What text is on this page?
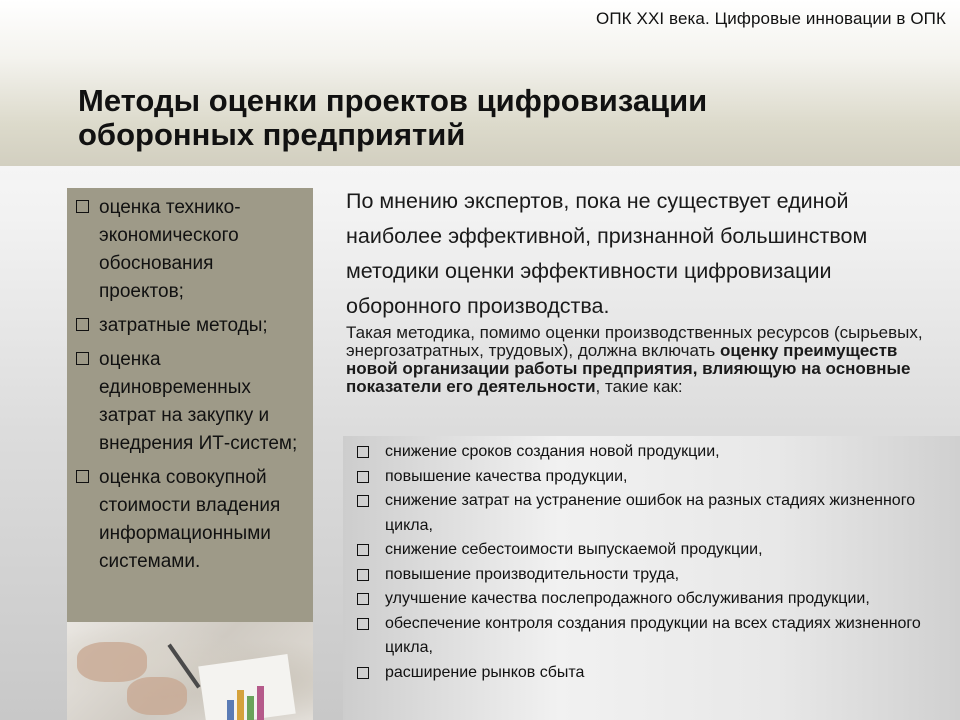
ОПК XXI века. Цифровые инновации в ОПК
Методы оценки проектов цифровизации
оборонных предприятий
оценка технико-экономического обоснования проектов;
затратные методы;
оценка единовременных затрат на закупку и внедрения ИТ-систем;
оценка совокупной стоимости владения информационными системами.

По мнению экспертов, пока не существует единой наиболее эффективной, признанной большинством методики оценки эффективности цифровизации оборонного производства.

Такая методика, помимо оценки производственных ресурсов (сырьевых, энергозатратных, трудовых), должна включать оценку преимуществ новой организации работы предприятия, влияющую на основные показатели его деятельности, такие как:

снижение сроков создания новой продукции,
повышение качества продукции,
снижение затрат на устранение ошибок на разных стадиях жизненного цикла,
снижение себестоимости выпускаемой продукции,
повышение производительности труда,
улучшение качества послепродажного обслуживания продукции,
обеспечение контроля создания продукции на всех стадиях жизненного цикла,
расширение рынков сбыта
